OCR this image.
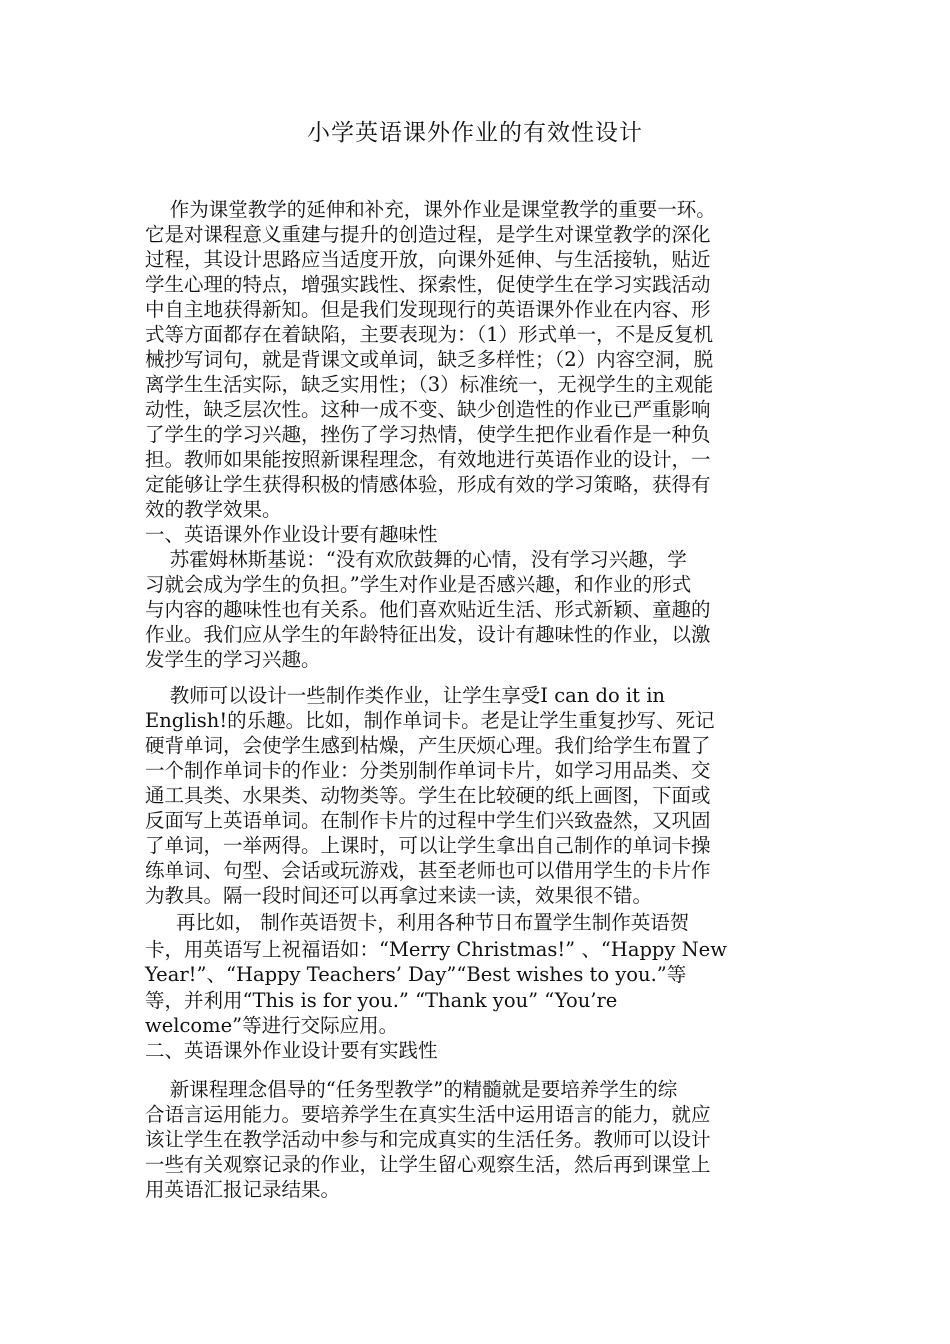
小学英语课外作业的有效性设计
作为课堂教学的延伸和补充，课外作业是课堂教学的重要一环。
它是对课程意义重建与提升的创造过程，是学生对课堂教学的深化
过程，其设计思路应当适度开放，向课外延伸、与生活接轨，贴近
学生心理的特点，增强实践性、探索性，促使学生在学习实践活动
中自主地获得新知。但是我们发现现行的英语课外作业在内容、形
式等方面都存在着缺陷，主要表现为：（1）形式单一，不是反复机
械抄写词句，就是背课文或单词，缺乏多样性；（2）内容空洞，脱
离学生生活实际，缺乏实用性；（3）标准统一，无视学生的主观能
动性，缺乏层次性。这种一成不变、缺少创造性的作业已严重影响
了学生的学习兴趣，挫伤了学习热情，使学生把作业看作是一种负
担。教师如果能按照新课程理念，有效地进行英语作业的设计，一
定能够让学生获得积极的情感体验，形成有效的学习策略，获得有
效的教学效果。
一、英语课外作业设计要有趣味性
苏霍姆林斯基说：“没有欢欣鼓舞的心情，没有学习兴趣，学
习就会成为学生的负担。”学生对作业是否感兴趣，和作业的形式
与内容的趣味性也有关系。他们喜欢贴近生活、形式新颖、童趣的
作业。我们应从学生的年龄特征出发，设计有趣味性的作业，以激
发学生的学习兴趣。
教师可以设计一些制作类作业，让学生享受I can do it in
English!的乐趣。比如，制作单词卡。老是让学生重复抄写、死记
硬背单词，会使学生感到枯燥，产生厌烦心理。我们给学生布置了
一个制作单词卡的作业：分类别制作单词卡片，如学习用品类、交
通工具类、水果类、动物类等。学生在比较硬的纸上画图，下面或
反面写上英语单词。在制作卡片的过程中学生们兴致盎然，又巩固
了单词，一举两得。上课时，可以让学生拿出自己制作的单词卡操
练单词、句型、会话或玩游戏，甚至老师也可以借用学生的卡片作
为教具。隔一段时间还可以再拿过来读一读，效果很不错。
再比如， 制作英语贺卡，利用各种节日布置学生制作英语贺
卡，用英语写上祝福语如：“Merry Christmas!” 、“Happy New
Year!”、“Happy Teachers’ Day”“Best wishes to you.”等
等，并利用“This is for you.” “Thank you” “You’re
welcome”等进行交际应用。
二、英语课外作业设计要有实践性
新课程理念倡导的“任务型教学”的精髓就是要培养学生的综
合语言运用能力。要培养学生在真实生活中运用语言的能力，就应
该让学生在教学活动中参与和完成真实的生活任务。教师可以设计
一些有关观察记录的作业，让学生留心观察生活，然后再到课堂上
用英语汇报记录结果。
